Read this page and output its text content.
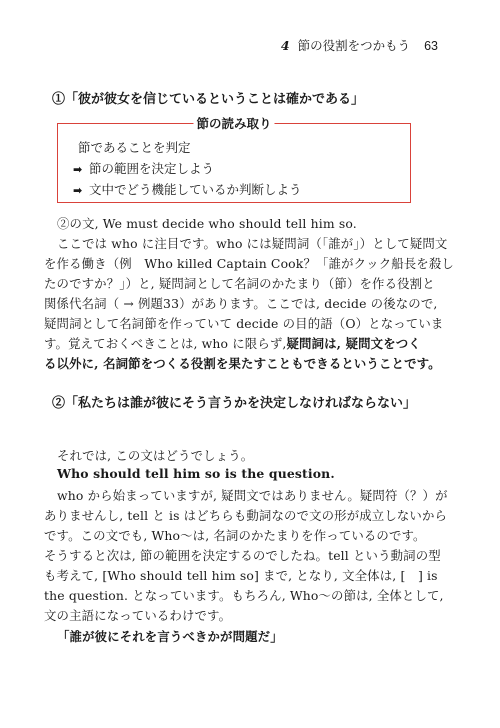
4 節の役割をつかもう 63
①「彼が彼女を信じているということは確かである」
節の読み取り
節であることを判定
➡ 節の範囲を決定しよう
➡ 文中でどう機能しているか判断しよう
②の文, We must decide who should tell him so.
ここでは who に注目です。who には疑問詞（「誰が」）として疑問文
を作る働き（例　Who killed Captain Cook？「誰がクック船長を殺し
たのですか？」）と, 疑問詞として名詞のかたまり（節）を作る役割と
関係代名詞（ → 例題33）があります。ここでは, decide の後なので,
疑問詞として名詞節を作っていて decide の目的語（O）となっていま
す。覚えておくべきことは, who に限らず,疑問詞は, 疑問文をつく
る以外に, 名詞節をつくる役割を果たすこともできるということです。
②「私たちは誰が彼にそう言うかを決定しなければならない」
それでは, この文はどうでしょう。
Who should tell him so is the question.
who から始まっていますが, 疑問文ではありません。疑問符（？）が
ありませんし, tell と is はどちらも動詞なので文の形が成立しないから
です。この文でも, Who～は, 名詞のかたまりを作っているのです。
そうすると次は, 節の範囲を決定するのでしたね。tell という動詞の型
も考えて, [Who should tell him so] まで, となり, 文全体は, [　] is
the question. となっています。もちろん, Who～の節は, 全体として,
文の主語になっているわけです。
「誰が彼にそれを言うべきかが問題だ」
